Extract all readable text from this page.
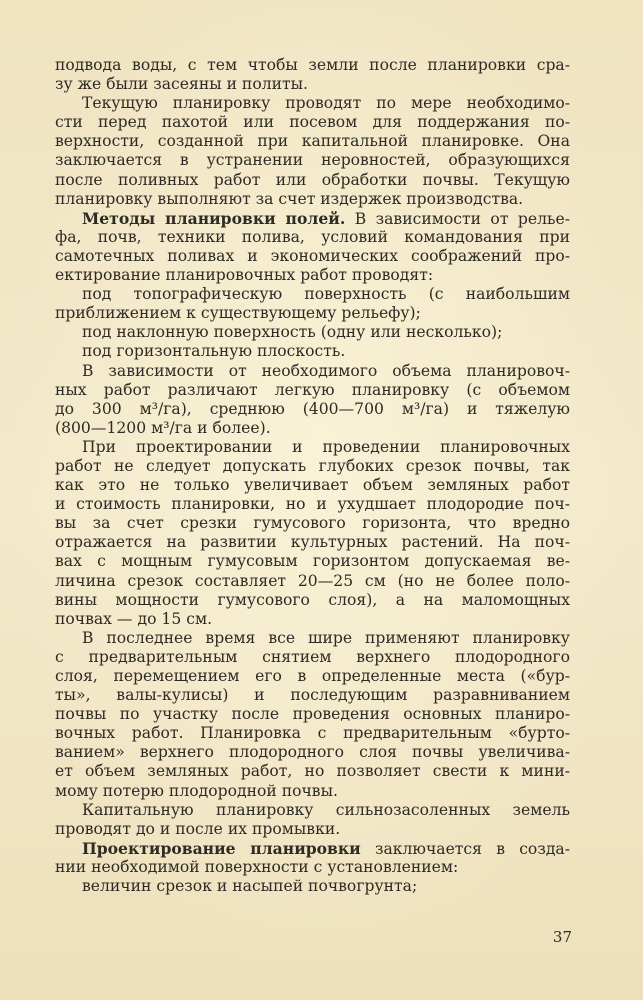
подвода воды, с тем чтобы земли после планировки сра-
зу же были засеяны и политы.
Текущую планировку проводят по мере необходимо-
сти перед пахотой или посевом для поддержания по-
верхности, созданной при капитальной планировке. Она
заключается в устранении неровностей, образующихся
после поливных работ или обработки почвы. Текущую
планировку выполняют за счет издержек производства.
Методы планировки полей. В зависимости от релье-
фа, почв, техники полива, условий командования при
самотечных поливах и экономических соображений про-
ектирование планировочных работ проводят:
под топографическую поверхность (с наибольшим
приближением к существующему рельефу);
под наклонную поверхность (одну или несколько);
под горизонтальную плоскость.
В зависимости от необходимого объема планировоч-
ных работ различают легкую планировку (с объемом
до 300 м³/га), среднюю (400—700 м³/га) и тяжелую
(800—1200 м³/га и более).
При проектировании и проведении планировочных
работ не следует допускать глубоких срезок почвы, так
как это не только увеличивает объем земляных работ
и стоимость планировки, но и ухудшает плодородие поч-
вы за счет срезки гумусового горизонта, что вредно
отражается на развитии культурных растений. На поч-
вах с мощным гумусовым горизонтом допускаемая ве-
личина срезок составляет 20—25 см (но не более поло-
вины мощности гумусового слоя), а на маломощных
почвах — до 15 см.
В последнее время все шире применяют планировку
с предварительным снятием верхнего плодородного
слоя, перемещением его в определенные места («бур-
ты», валы-кулисы) и последующим разравниванием
почвы по участку после проведения основных планиро-
вочных работ. Планировка с предварительным «бурто-
ванием» верхнего плодородного слоя почвы увеличива-
ет объем земляных работ, но позволяет свести к мини-
мому потерю плодородной почвы.
Капитальную планировку сильнозасоленных земель
проводят до и после их промывки.
Проектирование планировки заключается в созда-
нии необходимой поверхности с установлением:
величин срезок и насыпей почвогрунта;
37
